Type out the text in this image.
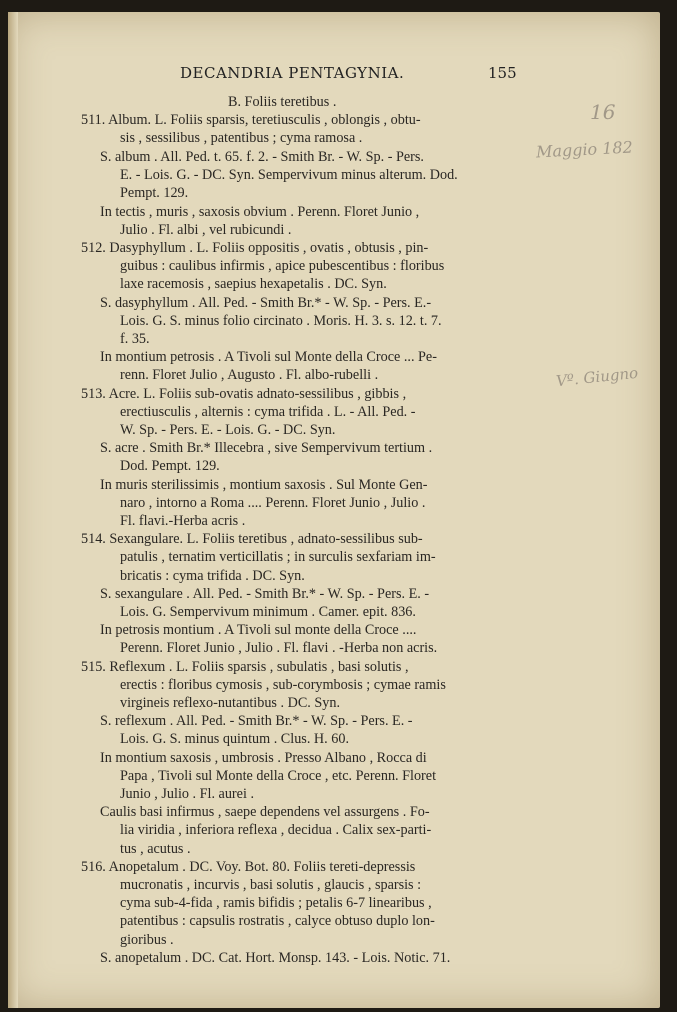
DECANDRIA PENTAGYNIA.	155
B. Foliis teretibus .
511. Album. L. Foliis sparsis, teretiusculis , oblongis , obtu-
sis , sessilibus , patentibus ; cyma ramosa .
S. album . All. Ped. t. 65. f. 2. - Smith Br. - W. Sp. - Pers.
E. - Lois. G. - DC. Syn. Sempervivum minus alterum. Dod.
Pempt. 129.
In tectis , muris , saxosis obvium . Perenn. Floret Junio ,
Julio . Fl. albi , vel rubicundi .
512. Dasyphyllum . L. Foliis oppositis , ovatis , obtusis , pin-
guibus : caulibus infirmis , apice pubescentibus : floribus
laxe racemosis , saepius hexapetalis . DC. Syn.
S. dasyphyllum . All. Ped. - Smith Br.* - W. Sp. - Pers. E.-
Lois. G. S. minus folio circinato . Moris. H. 3. s. 12. t. 7.
f. 35.
In montium petrosis . A Tivoli sul Monte della Croce ... Pe-
renn. Floret Julio , Augusto . Fl. albo-rubelli .
513. Acre. L. Foliis sub-ovatis adnato-sessilibus , gibbis ,
erectiusculis , alternis : cyma trifida . L. - All. Ped. -
W. Sp. - Pers. E. - Lois. G. - DC. Syn.
S. acre . Smith Br.* Illecebra , sive Sempervivum tertium .
Dod. Pempt. 129.
In muris sterilissimis , montium saxosis . Sul Monte Gen-
naro , intorno a Roma .... Perenn. Floret Junio , Julio .
Fl. flavi.-Herba acris .
514. Sexangulare. L. Foliis teretibus , adnato-sessilibus sub-
patulis , ternatim verticillatis ; in surculis sexfariam im-
bricatis : cyma trifida . DC. Syn.
S. sexangulare . All. Ped. - Smith Br.* - W. Sp. - Pers. E. -
Lois. G. Sempervivum minimum . Camer. epit. 836.
In petrosis montium . A Tivoli sul monte della Croce ....
Perenn. Floret Junio , Julio . Fl. flavi . -Herba non acris.
515. Reflexum . L. Foliis sparsis , subulatis , basi solutis ,
erectis : floribus cymosis , sub-corymbosis ; cymae ramis
virgineis reflexo-nutantibus . DC. Syn.
S. reflexum . All. Ped. - Smith Br.* - W. Sp. - Pers. E. -
Lois. G. S. minus quintum . Clus. H. 60.
In montium saxosis , umbrosis . Presso Albano , Rocca di
Papa , Tivoli sul Monte della Croce , etc. Perenn. Floret
Junio , Julio . Fl. aurei .
Caulis basi infirmus , saepe dependens vel assurgens . Fo-
lia viridia , inferiora reflexa , decidua . Calix sex-parti-
tus , acutus .
516. Anopetalum . DC. Voy. Bot. 80. Foliis tereti-depressis
mucronatis , incurvis , basi solutis , glaucis , sparsis :
cyma sub-4-fida , ramis bifidis ; petalis 6-7 linearibus ,
patentibus : capsulis rostratis , calyce obtuso duplo lon-
gioribus .
S. anopetalum . DC. Cat. Hort. Monsp. 143. - Lois. Notic. 71.
16
Maggio 182
Vº. Giugno
